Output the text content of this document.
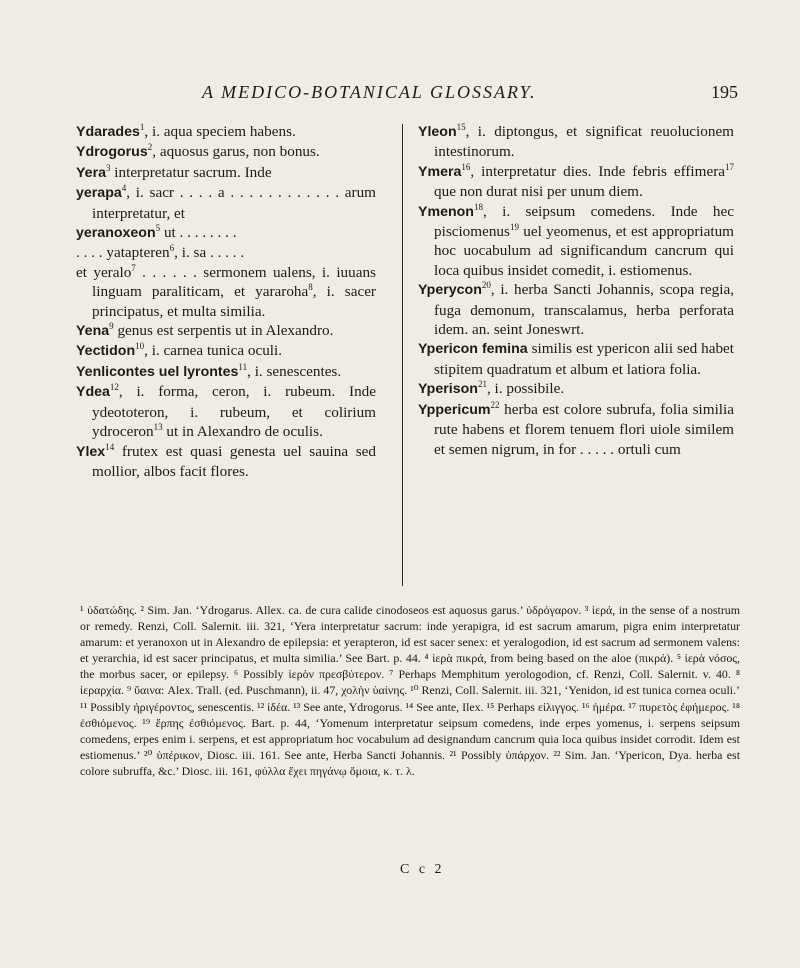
A MEDICO-BOTANICAL GLOSSARY.	195

Ydarades$^1$, i. aqua speciem habens.

Ydrogorus$^2$, aquosus garus, non bonus.

Yera$^3$ interpretatur sacrum. Inde

yerapa$^4$, i. sacr . . . . a . . . . . . . . . . . . arum interpretatur, et

yeranoxeon$^5$ ut . . . . . . . .

. . . . yatapteren$^6$, i. sa . . . . .

et yeralo$^7$ . . . . . . sermonem ualens, i. iuuans linguam paraliticam, et yararoha$^8$, i. sacer principatus, et multa similia.

Yena$^9$ genus est serpentis ut in Alexandro.

Yectidon$^{10}$, i. carnea tunica oculi.

Yenlicontes uel lyrontes$^{11}$, i. senescentes.

Ydea$^{12}$, i. forma, ceron, i. rubeum. Inde ydeototeron, i. rubeum, et colirium ydroceron$^{13}$ ut in Alexandro de oculis.

Ylex$^{14}$ frutex est quasi genesta uel sauina sed mollior, albos facit flores.

Yleon$^{15}$, i. diptongus, et significat reuolucionem intestinorum.

Ymera$^{16}$, interpretatur dies. Inde febris effimera$^{17}$ que non durat nisi per unum diem.

Ymenon$^{18}$, i. seipsum comedens. Inde hec pisciomenus$^{19}$ uel yeomenus, et est appropriatum hoc uocabulum ad significandum cancrum qui loca quibus insidet comedit, i. estiomenus.

Yperycon$^{20}$, i. herba Sancti Johannis, scopa regia, fuga demonum, transcalamus, herba perforata idem. an. seint Joneswrt.

Ypericon femina similis est ypericon alii sed habet stipitem quadratum et album et latiora folia.

Yperison$^{21}$, i. possibile.

Yppericum$^{22}$ herba est colore subrufa, folia similia rute habens et florem tenuem flori uiole similem et semen nigrum, in for . . . . . ortuli cum

¹ ὑδατώδης. ² Sim. Jan. ‘Ydrogarus. Allex. ca. de cura calide cinodoseos est aquosus garus.’ ὑδρόγαρον. ³ ἱερά, in the sense of a nostrum or remedy. Renzi, Coll. Salernit. iii. 321, ‘Yera interpretatur sacrum: inde yerapigra, id est sacrum amarum, pigra enim interpretatur amarum: et yeranoxon ut in Alexandro de epilepsia: et yerapteron, id est sacer senex: et yeralogodion, id est sacrum ad sermonem valens: et yerarchia, id est sacer principatus, et multa similia.’ See Bart. p. 44. ⁴ ἱερὰ πικρά, from being based on the aloe (πικρά). ⁵ ἱερὰ νόσος, the morbus sacer, or epilepsy. ⁶ Possibly ἱερὸν πρεσβύτερον. ⁷ Perhaps Memphitum yerologodion, cf. Renzi, Coll. Salernit. v. 40. ⁸ ἱεραρχία. ⁹ ὕαινα: Alex. Trall. (ed. Puschmann), ii. 47, χολὴν ὑαίνης. ¹⁰ Renzi, Coll. Salernit. iii. 321, ‘Yenidon, id est tunica cornea oculi.’ ¹¹ Possibly ἠριγέροντος, senescentis. ¹² ἰδέα. ¹³ See ante, Ydrogorus. ¹⁴ See ante, Ilex. ¹⁵ Perhaps εἰλιγγος. ¹⁶ ἡμέρα. ¹⁷ πυρετὸς ἐφήμερος. ¹⁸ ἐσθιόμενος. ¹⁹ ἕρπης ἐσθιόμενος. Bart. p. 44, ‘Yomenum interpretatur seipsum comedens, inde erpes yomenus, i. serpens seipsum comedens, erpes enim i. serpens, et est appropriatum hoc vocabulum ad designandum cancrum quia loca quibus insidet corrodit. Idem est estiomenus.’ ²⁰ ὑπέρικον, Diosc. iii. 161. See ante, Herba Sancti Johannis. ²¹ Possibly ὑπάρχον. ²² Sim. Jan. ‘Ypericon, Dya. herba est colore subruffa, &c.’ Diosc. iii. 161, φύλλα ἔχει πηγάνῳ ὅμοια, κ. τ. λ.

C c 2
